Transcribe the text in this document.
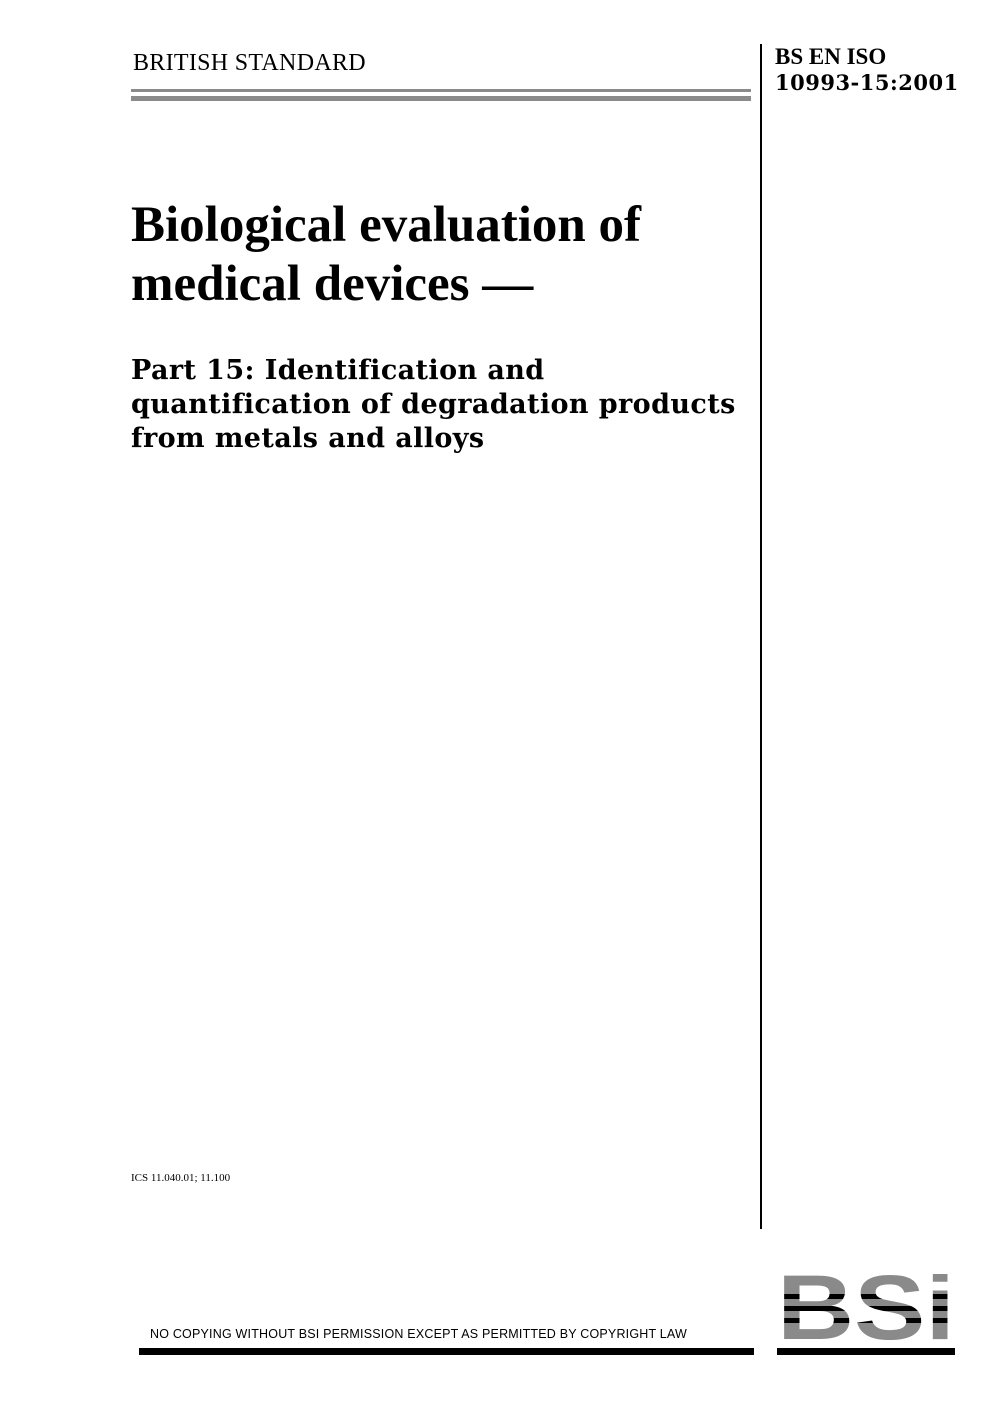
BRITISH STANDARD	BS EN ISO
10993-15:2001
Biological evaluation of
medical devices —
Part 15: Identification and
quantification of degradation products
from metals and alloys
ICS 11.040.01; 11.100
NO COPYING WITHOUT BSI PERMISSION EXCEPT AS PERMITTED BY COPYRIGHT LAW
